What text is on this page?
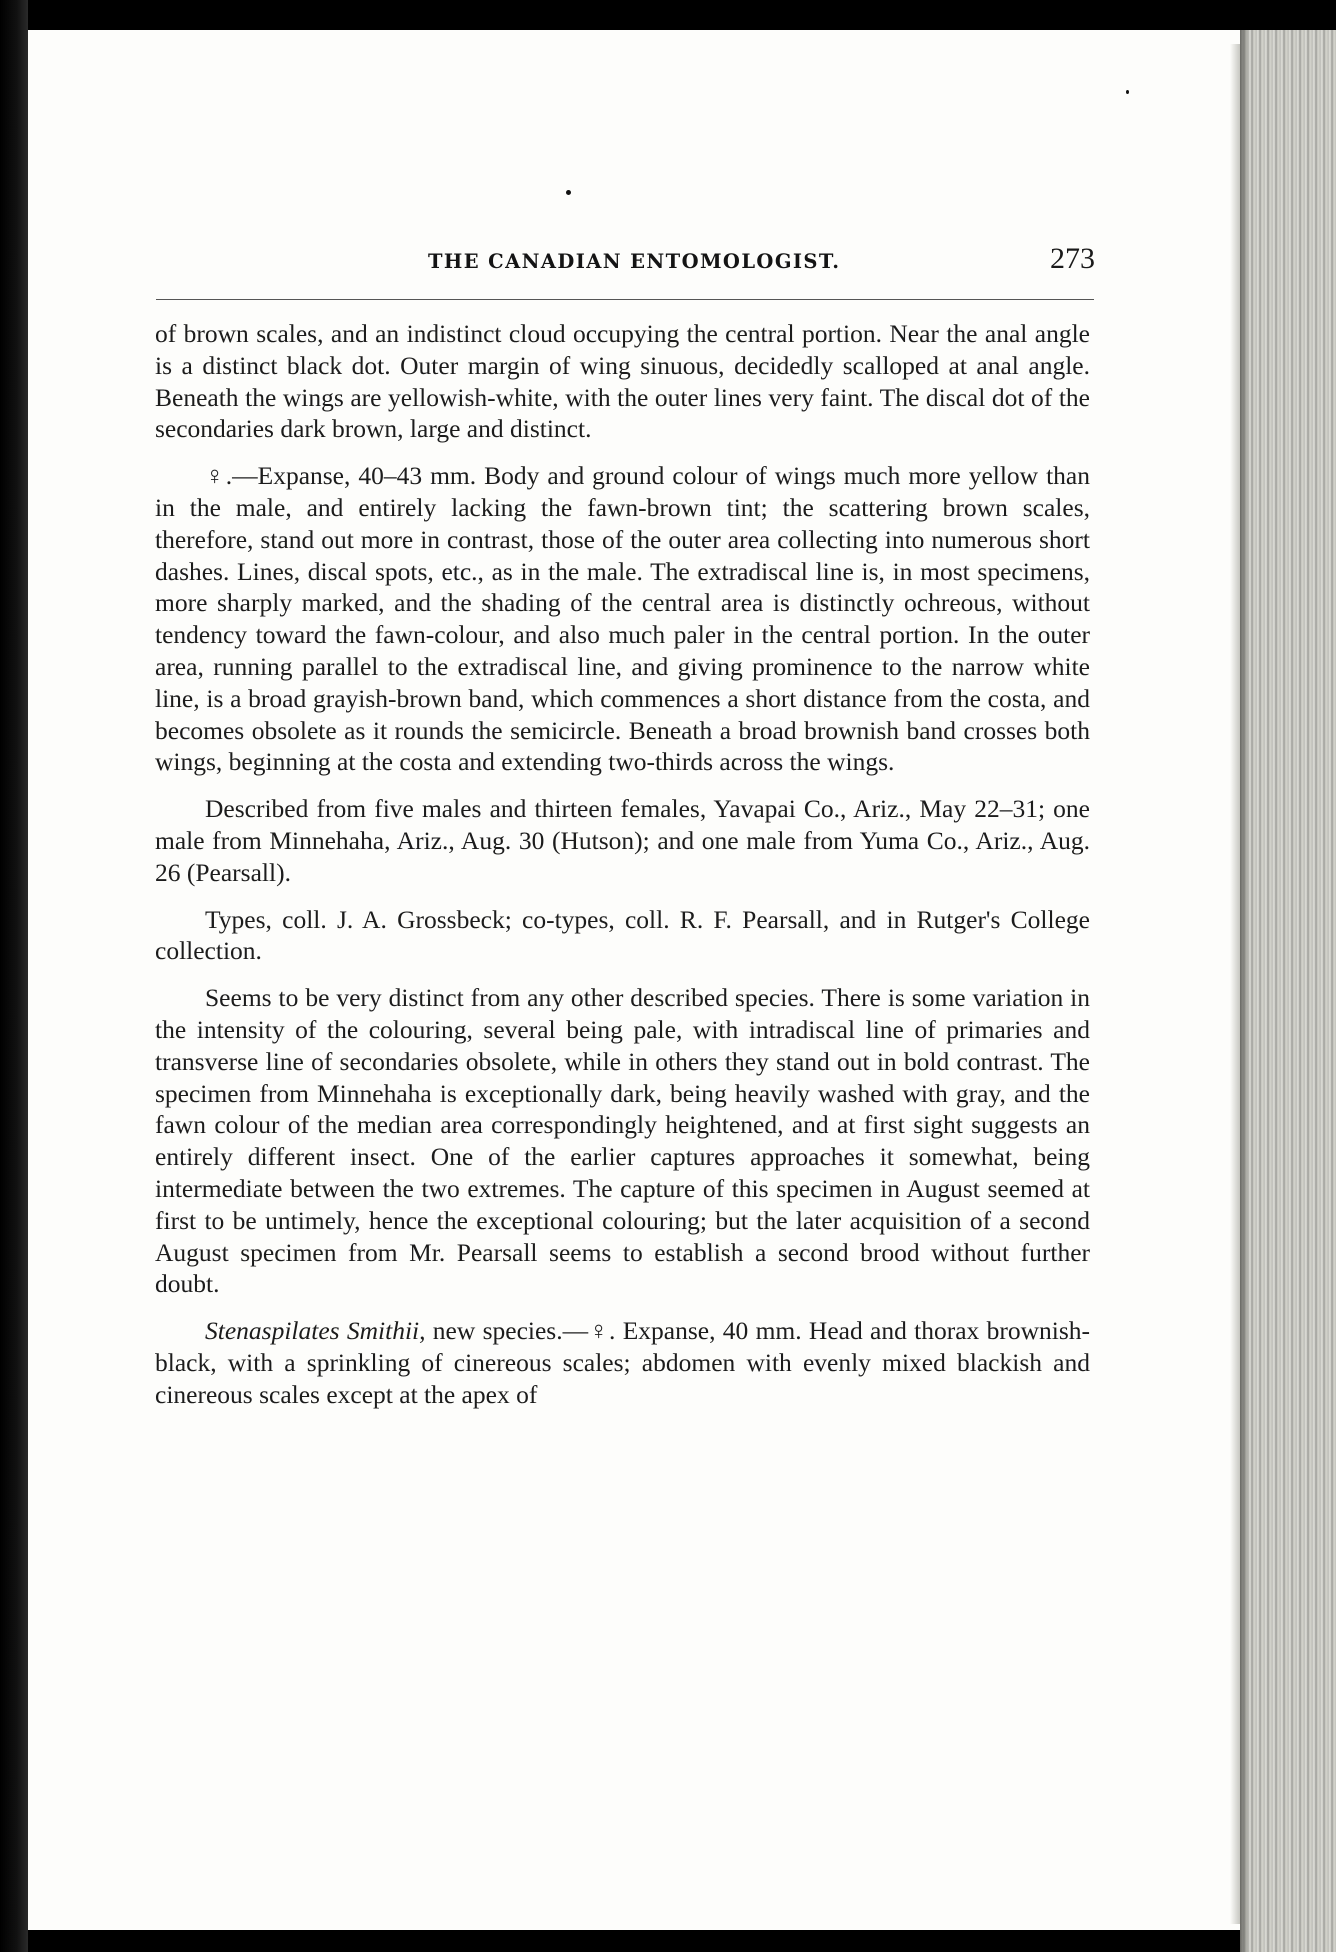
THE CANADIAN ENTOMOLOGIST.	273

of brown scales, and an indistinct cloud occupying the central portion. Near the anal angle is a distinct black dot. Outer margin of wing sinuous, decidedly scalloped at anal angle. Beneath the wings are yellowish-white, with the outer lines very faint. The discal dot of the secondaries dark brown, large and distinct.

♀.—Expanse, 40–43 mm. Body and ground colour of wings much more yellow than in the male, and entirely lacking the fawn-brown tint; the scattering brown scales, therefore, stand out more in contrast, those of the outer area collecting into numerous short dashes. Lines, discal spots, etc., as in the male. The extradiscal line is, in most specimens, more sharply marked, and the shading of the central area is distinctly ochreous, without tendency toward the fawn-colour, and also much paler in the central portion. In the outer area, running parallel to the extradiscal line, and giving prominence to the narrow white line, is a broad grayish-brown band, which commences a short distance from the costa, and becomes obsolete as it rounds the semicircle. Beneath a broad brownish band crosses both wings, beginning at the costa and extending two-thirds across the wings.

Described from five males and thirteen females, Yavapai Co., Ariz., May 22–31; one male from Minnehaha, Ariz., Aug. 30 (Hutson); and one male from Yuma Co., Ariz., Aug. 26 (Pearsall).

Types, coll. J. A. Grossbeck; co-types, coll. R. F. Pearsall, and in Rutger's College collection.

Seems to be very distinct from any other described species. There is some variation in the intensity of the colouring, several being pale, with intradiscal line of primaries and transverse line of secondaries obsolete, while in others they stand out in bold contrast. The specimen from Minnehaha is exceptionally dark, being heavily washed with gray, and the fawn colour of the median area correspondingly heightened, and at first sight suggests an entirely different insect. One of the earlier captures approaches it somewhat, being intermediate between the two extremes. The capture of this specimen in August seemed at first to be untimely, hence the exceptional colouring; but the later acquisition of a second August specimen from Mr. Pearsall seems to establish a second brood without further doubt.

Stenaspilates Smithii, new species.—♀. Expanse, 40 mm. Head and thorax brownish-black, with a sprinkling of cinereous scales; abdomen with evenly mixed blackish and cinereous scales except at the apex of
